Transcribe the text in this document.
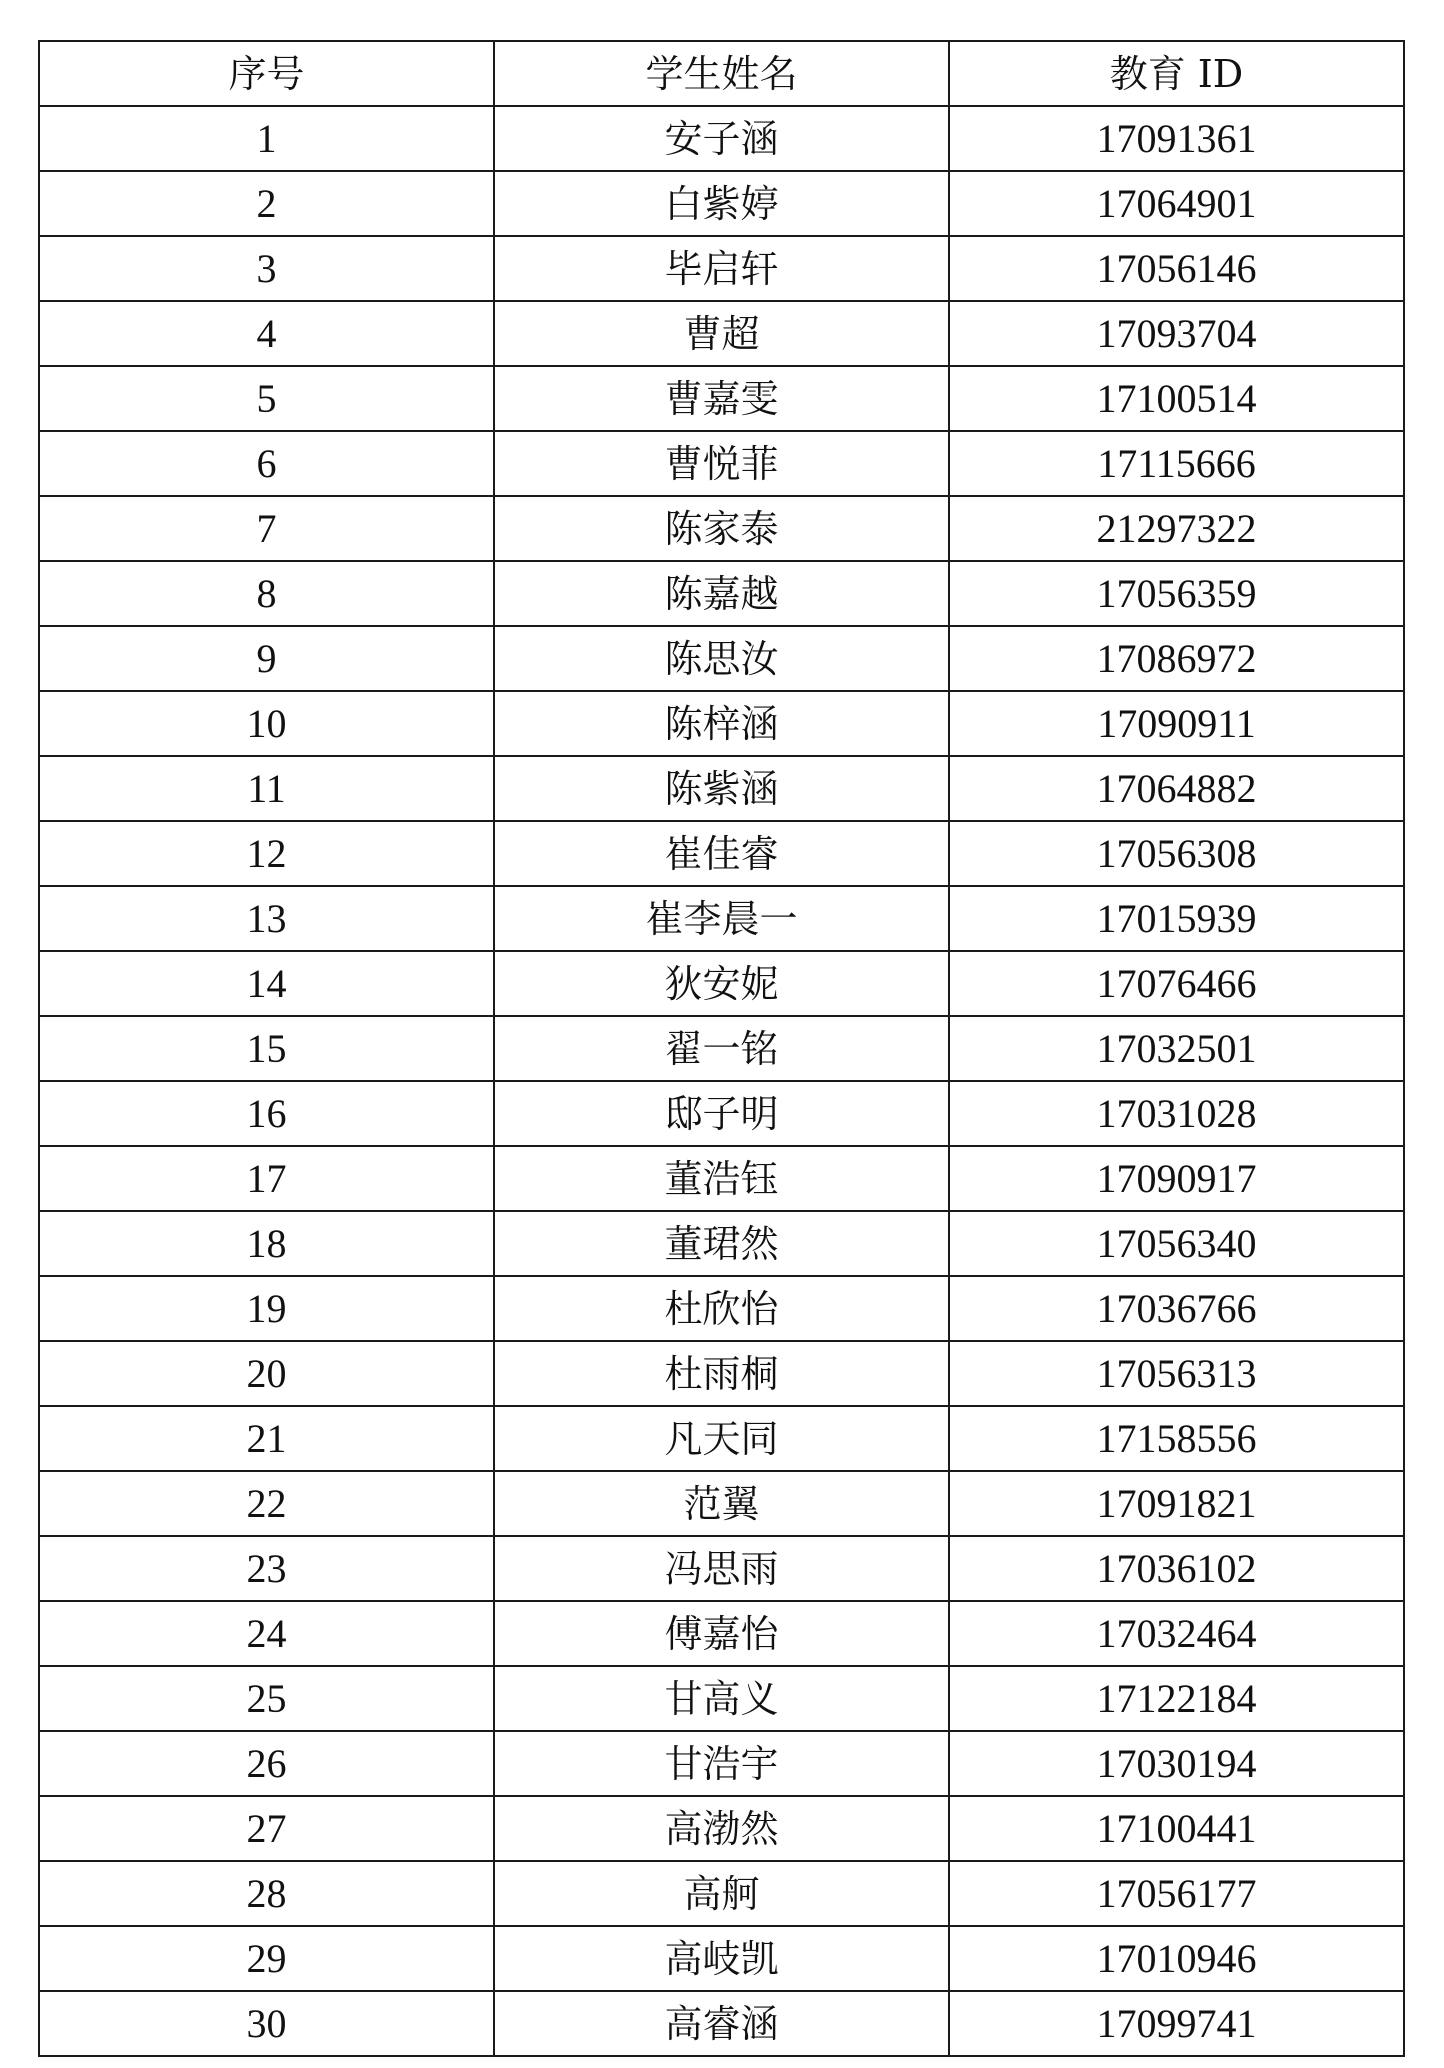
序号	学生姓名	教育 ID
1	安子涵	17091361
2	白紫婷	17064901
3	毕启轩	17056146
4	曹超	17093704
5	曹嘉雯	17100514
6	曹悦菲	17115666
7	陈家泰	21297322
8	陈嘉越	17056359
9	陈思汝	17086972
10	陈梓涵	17090911
11	陈紫涵	17064882
12	崔佳睿	17056308
13	崔李晨一	17015939
14	狄安妮	17076466
15	翟一铭	17032501
16	邸子明	17031028
17	董浩钰	17090917
18	董珺然	17056340
19	杜欣怡	17036766
20	杜雨桐	17056313
21	凡天同	17158556
22	范翼	17091821
23	冯思雨	17036102
24	傅嘉怡	17032464
25	甘高义	17122184
26	甘浩宇	17030194
27	高渤然	17100441
28	高舸	17056177
29	高岐凯	17010946
30	高睿涵	17099741
